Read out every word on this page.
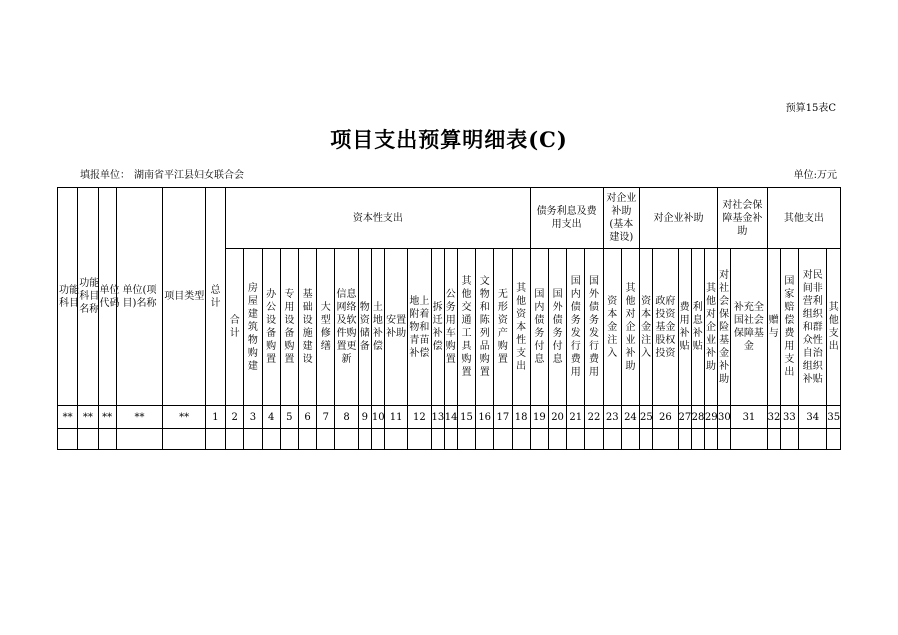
预算15表C
项目支出预算明细表(C)
填报单位： 湖南省平江县妇女联合会	单位:万元
功能科目	功能科目名称	单位代码	单位(项目)名称	项目类型	总计	资本性支出																	债务利息及费用支出				对企业补助(基本建设)		对企业补助					对社会保障基金补助		其他支出			
						合计	房屋建筑物购建	办公设备购置	专用设备购置	基础设施建设	大型修缮	信息网络及软件购置更新	物资储备	土地补偿	安置补助	地上附着物和青苗补偿	拆迁补偿	公务用车购置	其他交通工具购置	文物和陈列品购置	无形资产购置	其他资本性支出	国内债务付息	国外债务付息	国内债务发行费用	国外债务发行费用	资本金注入	其他对企业补助	资本金注入	政府投资基金股权投资	费用补贴	利息补贴	其他对企业补助	对社会保险基金补助	补充全国社会保障基金	赠与	国家赔偿费用支出	对民间非营利组织和群众性自治组织补贴	其他支出
**	**	**	**	**	1	2	3	4	5	6	7	8	9	10	11	12	13	14	15	16	17	18	19	20	21	22	23	24	25	26	27	28	29	30	31	32	33	34	35
